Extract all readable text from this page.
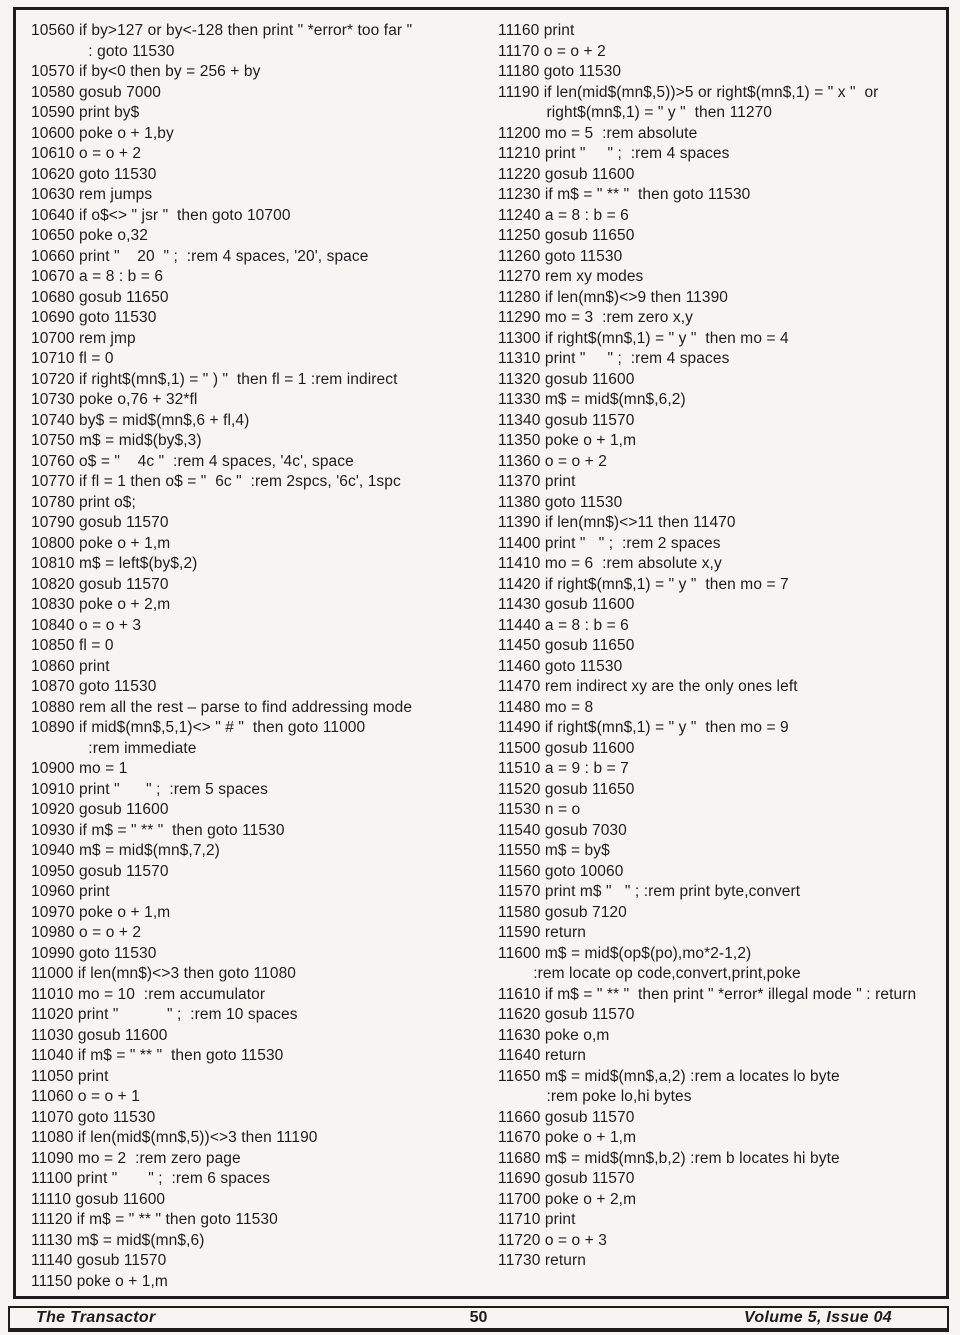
10560 if by>127 or by<-128 then print " *error* too far "
: goto 11530
10570 if by<0 then by = 256 + by
10580 gosub 7000
10590 print by$
10600 poke o + 1,by
10610 o = o + 2
10620 goto 11530
10630 rem jumps
10640 if o$<> " jsr "  then goto 10700
10650 poke o,32
10660 print "    20  " ;  :rem 4 spaces, '20', space
10670 a = 8 : b = 6
10680 gosub 11650
10690 goto 11530
10700 rem jmp
10710 fl = 0
10720 if right$(mn$,1) = " ) "  then fl = 1 :rem indirect
10730 poke o,76 + 32*fl
10740 by$ = mid$(mn$,6 + fl,4)
10750 m$ = mid$(by$,3)
10760 o$ = "    4c "  :rem 4 spaces, '4c', space
10770 if fl = 1 then o$ = "  6c "  :rem 2spcs, '6c', 1spc
10780 print o$;
10790 gosub 11570
10800 poke o + 1,m
10810 m$ = left$(by$,2)
10820 gosub 11570
10830 poke o + 2,m
10840 o = o + 3
10850 fl = 0
10860 print
10870 goto 11530
10880 rem all the rest – parse to find addressing mode
10890 if mid$(mn$,5,1)<> " # "  then goto 11000
:rem immediate
10900 mo = 1
10910 print "      " ;  :rem 5 spaces
10920 gosub 11600
10930 if m$ = " ** "  then goto 11530
10940 m$ = mid$(mn$,7,2)
10950 gosub 11570
10960 print
10970 poke o + 1,m
10980 o = o + 2
10990 goto 11530
11000 if len(mn$)<>3 then goto 11080
11010 mo = 10  :rem accumulator
11020 print "           " ;  :rem 10 spaces
11030 gosub 11600
11040 if m$ = " ** "  then goto 11530
11050 print
11060 o = o + 1
11070 goto 11530
11080 if len(mid$(mn$,5))<>3 then 11190
11090 mo = 2  :rem zero page
11100 print "       " ;  :rem 6 spaces
11110 gosub 11600
11120 if m$ = " ** " then goto 11530
11130 m$ = mid$(mn$,6)
11140 gosub 11570
11150 poke o + 1,m
11160 print
11170 o = o + 2
11180 goto 11530
11190 if len(mid$(mn$,5))>5 or right$(mn$,1) = " x "  or
right$(mn$,1) = " y "  then 11270
11200 mo = 5  :rem absolute
11210 print "     " ;  :rem 4 spaces
11220 gosub 11600
11230 if m$ = " ** "  then goto 11530
11240 a = 8 : b = 6
11250 gosub 11650
11260 goto 11530
11270 rem xy modes
11280 if len(mn$)<>9 then 11390
11290 mo = 3  :rem zero x,y
11300 if right$(mn$,1) = " y "  then mo = 4
11310 print "     " ;  :rem 4 spaces
11320 gosub 11600
11330 m$ = mid$(mn$,6,2)
11340 gosub 11570
11350 poke o + 1,m
11360 o = o + 2
11370 print
11380 goto 11530
11390 if len(mn$)<>11 then 11470
11400 print "   " ;  :rem 2 spaces
11410 mo = 6  :rem absolute x,y
11420 if right$(mn$,1) = " y "  then mo = 7
11430 gosub 11600
11440 a = 8 : b = 6
11450 gosub 11650
11460 goto 11530
11470 rem indirect xy are the only ones left
11480 mo = 8
11490 if right$(mn$,1) = " y "  then mo = 9
11500 gosub 11600
11510 a = 9 : b = 7
11520 gosub 11650
11530 n = o
11540 gosub 7030
11550 m$ = by$
11560 goto 10060
11570 print m$ "   " ; :rem print byte,convert
11580 gosub 7120
11590 return
11600 m$ = mid$(op$(po),mo*2-1,2)
:rem locate op code,convert,print,poke
11610 if m$ = " ** "  then print " *error* illegal mode " : return
11620 gosub 11570
11630 poke o,m
11640 return
11650 m$ = mid$(mn$,a,2) :rem a locates lo byte
:rem poke lo,hi bytes
11660 gosub 11570
11670 poke o + 1,m
11680 m$ = mid$(mn$,b,2) :rem b locates hi byte
11690 gosub 11570
11700 poke o + 2,m
11710 print
11720 o = o + 3
11730 return
The Transactor	50	Volume 5, Issue 04
